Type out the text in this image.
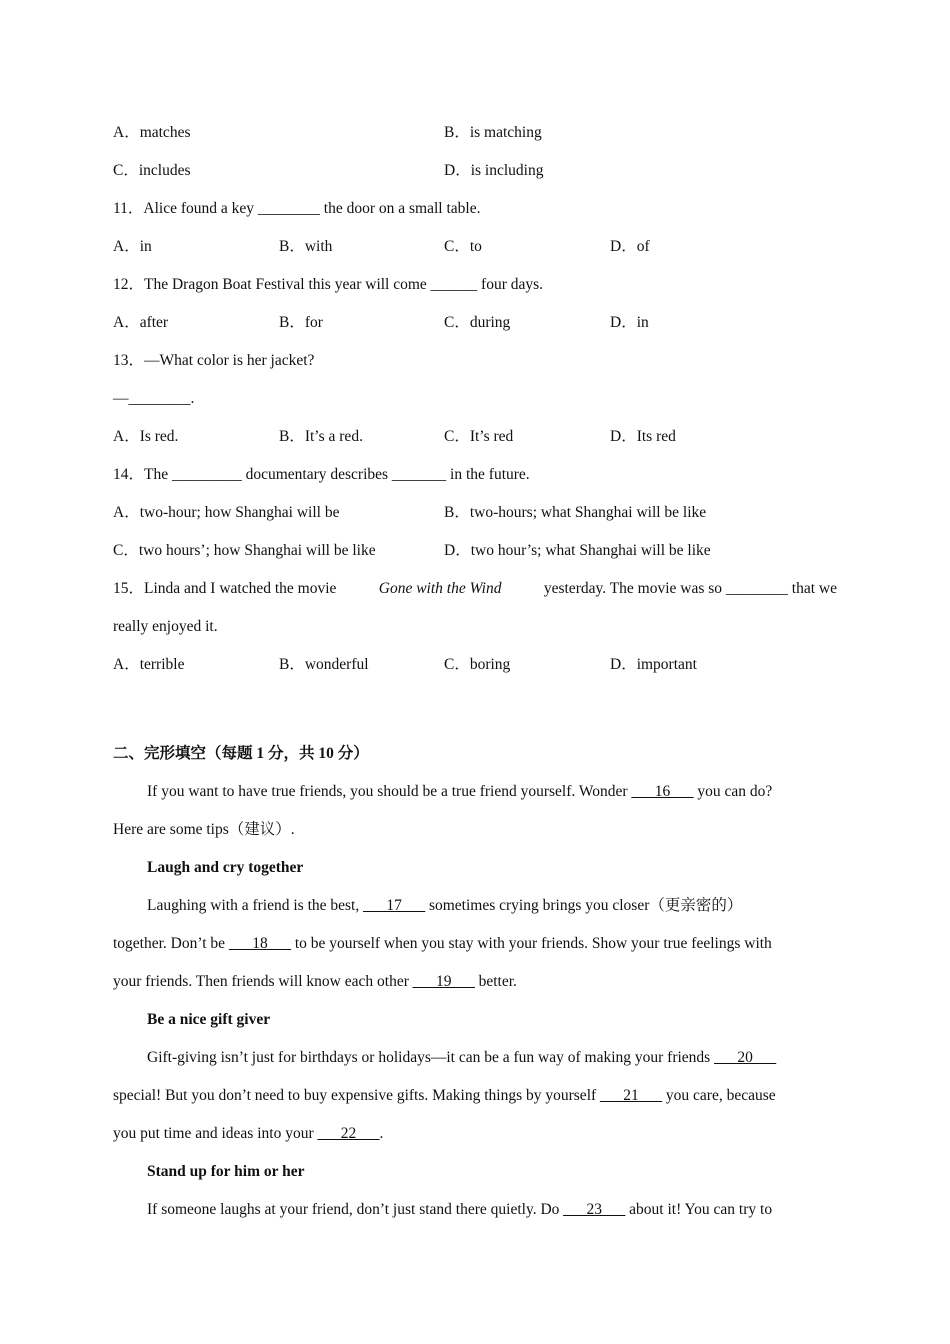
A．matches	B．is matching
C．includes	D．is including
11．Alice found a key ________ the door on a small table.
A．in	B．with	C．to	D．of
12．The Dragon Boat Festival this year will come ______ four days.
A．after	B．for	C．during	D．in
13．—What color is her jacket?
—________.
A．Is red.	B．It’s a red.	C．It’s red	D．Its red
14．The _________ documentary describes _______ in the future.
A．two-hour; how Shanghai will be	B．two-hours; what Shanghai will be like
C．two hours’; how Shanghai will be like	D．two hour’s; what Shanghai will be like
15．Linda and I watched the movie Gone with the Wind yesterday. The movie was so ________ that we
really enjoyed it.
A．terrible	B．wonderful	C．boring	D．important
二、完形填空（每题 1 分，共 10 分）
If you want to have true friends, you should be a true friend yourself. Wonder ___16___ you can do?
Here are some tips（建议）.
Laugh and cry together
Laughing with a friend is the best, ___17___ sometimes crying brings you closer（更亲密的）
together. Don’t be ___18___ to be yourself when you stay with your friends. Show your true feelings with
your friends. Then friends will know each other ___19___ better.
Be a nice gift giver
Gift-giving isn’t just for birthdays or holidays—it can be a fun way of making your friends ___20___
special! But you don’t need to buy expensive gifts. Making things by yourself ___21___ you care, because
you put time and ideas into your ___22___.
Stand up for him or her
If someone laughs at your friend, don’t just stand there quietly. Do ___23___ about it! You can try to
